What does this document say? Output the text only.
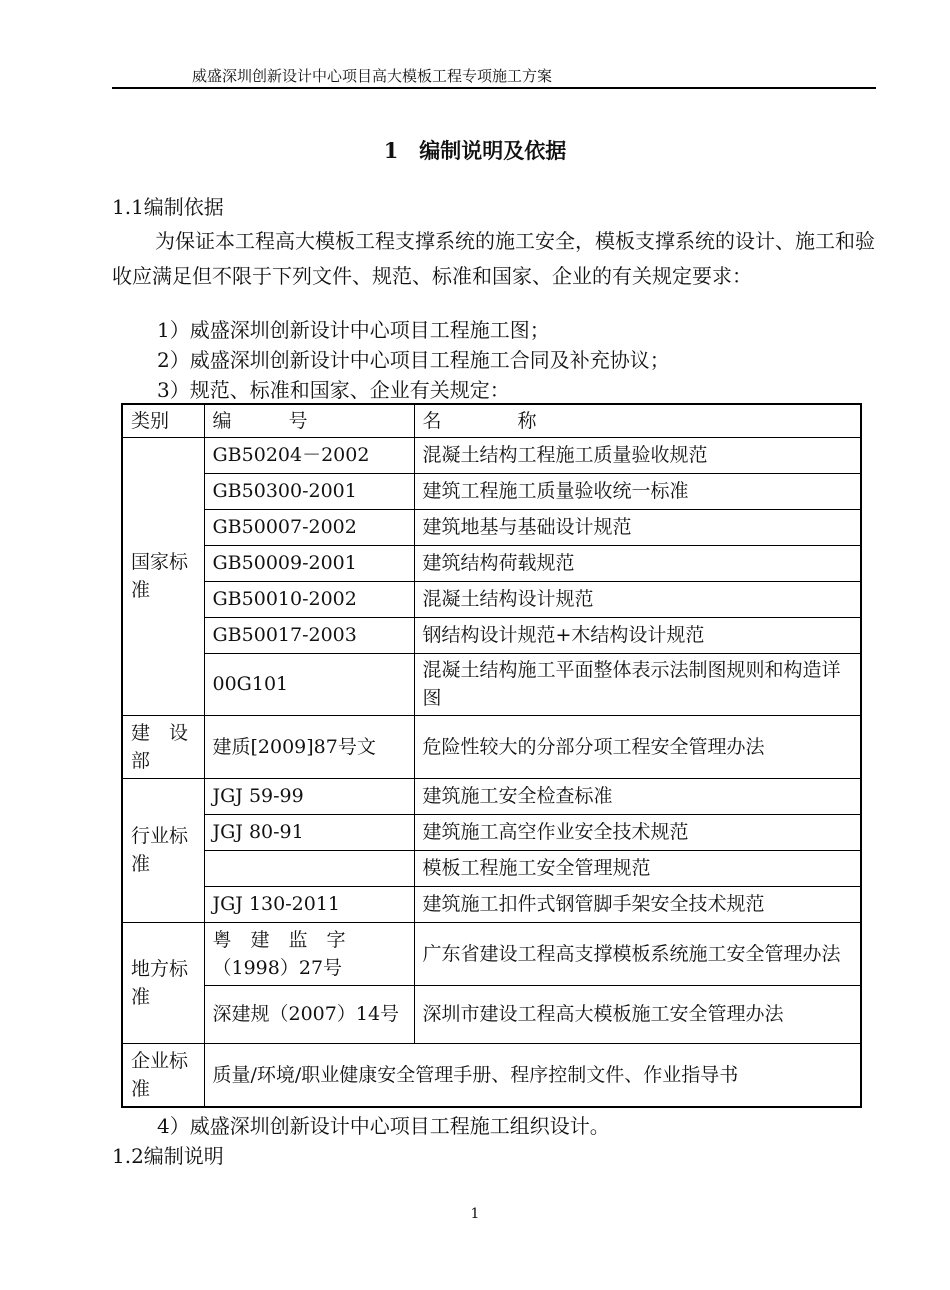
威盛深圳创新设计中心项目高大模板工程专项施工方案
1　编制说明及依据
1.1编制依据

为保证本工程高大模板工程支撑系统的施工安全，模板支撑系统的设计、施工和验收应满足但不限于下列文件、规范、标准和国家、企业的有关规定要求：

1）威盛深圳创新设计中心项目工程施工图；
2）威盛深圳创新设计中心项目工程施工合同及补充协议；
3）规范、标准和国家、企业有关规定：
类别	编　　　号	名　　　　称
国家标准	GB50204－2002	混凝土结构工程施工质量验收规范
	GB50300-2001	建筑工程施工质量验收统一标准
	GB50007-2002	建筑地基与基础设计规范
	GB50009-2001	建筑结构荷载规范
	GB50010-2002	混凝土结构设计规范
	GB50017-2003	钢结构设计规范+木结构设计规范
	00G101	混凝土结构施工平面整体表示法制图规则和构造详图
建　设部	建质[2009]87号文	危险性较大的分部分项工程安全管理办法
行业标准	JGJ 59-99	建筑施工安全检查标准
	JGJ 80-91	建筑施工高空作业安全技术规范
		模板工程施工安全管理规范
	JGJ 130-2011	建筑施工扣件式钢管脚手架安全技术规范
地方标准	粤　建　监　字（1998）27号	广东省建设工程高支撑模板系统施工安全管理办法
	深建规（2007）14号	深圳市建设工程高大模板施工安全管理办法
企业标准	质量/环境/职业健康安全管理手册、程序控制文件、作业指导书	
4）威盛深圳创新设计中心项目工程施工组织设计。
1.2编制说明
1
